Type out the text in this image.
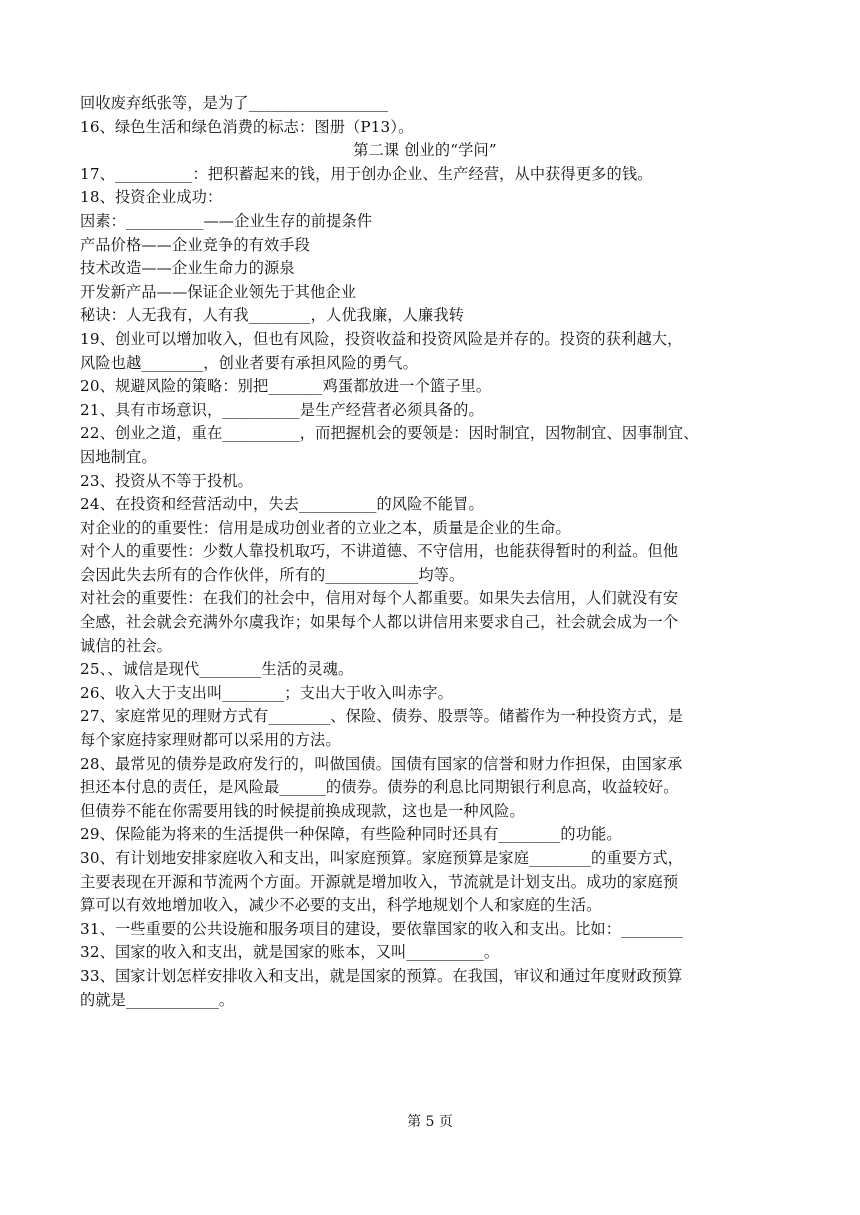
回收废弃纸张等，是为了__________________
16、绿色生活和绿色消费的标志：图册（P13）。
第二课 创业的“学问”
17、__________：把积蓄起来的钱，用于创办企业、生产经营，从中获得更多的钱。
18、投资企业成功：
因素：__________——企业生存的前提条件
产品价格——企业竞争的有效手段
技术改造——企业生命力的源泉
开发新产品——保证企业领先于其他企业
秘诀：人无我有，人有我________，人优我廉，人廉我转
19、创业可以增加收入，但也有风险，投资收益和投资风险是并存的。投资的获利越大，
风险也越________，创业者要有承担风险的勇气。
20、规避风险的策略：别把_______鸡蛋都放进一个篮子里。
21、具有市场意识，__________是生产经营者必须具备的。
22、创业之道，重在__________，而把握机会的要领是：因时制宜，因物制宜、因事制宜、
因地制宜。
23、投资从不等于投机。
24、在投资和经营活动中，失去__________的风险不能冒。
对企业的的重要性：信用是成功创业者的立业之本，质量是企业的生命。
对个人的重要性：少数人靠投机取巧，不讲道德、不守信用，也能获得暂时的利益。但他
会因此失去所有的合作伙伴，所有的____________均等。
对社会的重要性：在我们的社会中，信用对每个人都重要。如果失去信用，人们就没有安
全感，社会就会充满外尔虞我诈；如果每个人都以讲信用来要求自己，社会就会成为一个
诚信的社会。
25、、诚信是现代________生活的灵魂。
26、收入大于支出叫________；支出大于收入叫赤字。
27、家庭常见的理财方式有________、保险、债券、股票等。储蓄作为一种投资方式，是
每个家庭持家理财都可以采用的方法。
28、最常见的债券是政府发行的，叫做国债。国债有国家的信誉和财力作担保，由国家承
担还本付息的责任，是风险最______的债券。债券的利息比同期银行利息高，收益较好。
但债券不能在你需要用钱的时候提前换成现款，这也是一种风险。
29、保险能为将来的生活提供一种保障，有些险种同时还具有________的功能。
30、有计划地安排家庭收入和支出，叫家庭预算。家庭预算是家庭________的重要方式，
主要表现在开源和节流两个方面。开源就是增加收入，节流就是计划支出。成功的家庭预
算可以有效地增加收入，减少不必要的支出，科学地规划个人和家庭的生活。
31、一些重要的公共设施和服务项目的建设，要依靠国家的收入和支出。比如：________
32、国家的收入和支出，就是国家的账本，又叫__________。
33、国家计划怎样安排收入和支出，就是国家的预算。在我国，审议和通过年度财政预算
的就是____________。
第 5 页
